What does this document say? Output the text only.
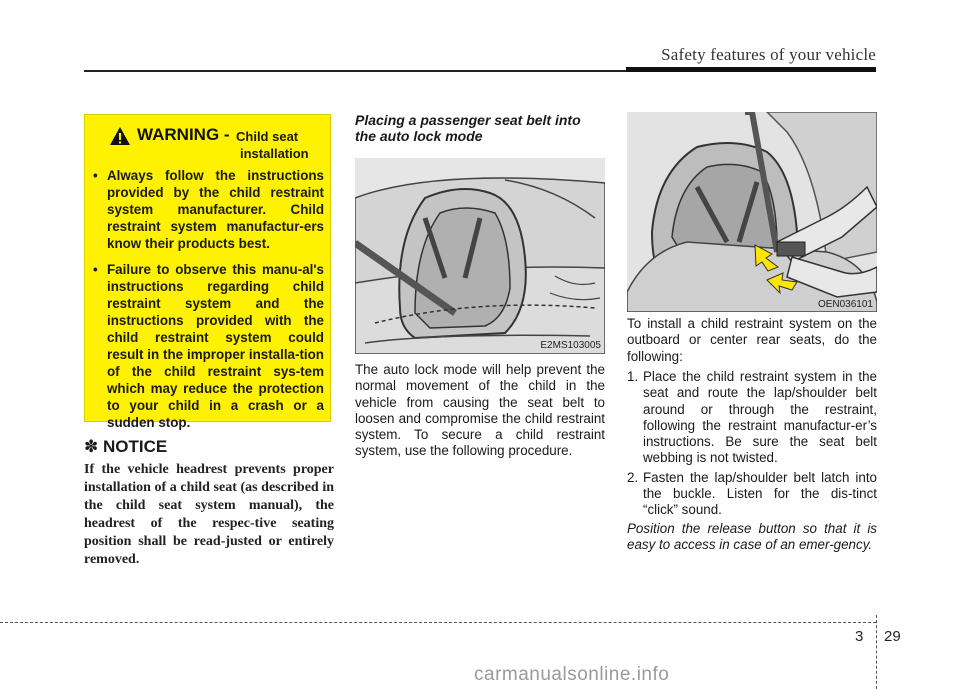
Safety features of your vehicle
WARNING - Child seat
installation
• Always follow the instructions provided by the child restraint system manufacturer. Child restraint system manufactur-ers know their products best.
• Failure to observe this manu-al's instructions regarding child restraint system and the instructions provided with the child restraint system could result in the improper installa-tion of the child restraint sys-tem which may reduce the protection to your child in a crash or a sudden stop.
✽ NOTICE
If the vehicle headrest prevents proper installation of a child seat (as described in the child seat system manual), the headrest of the respec-tive seating position shall be read-justed or entirely removed.
Placing a passenger seat belt into the auto lock mode
E2MS103005
The auto lock mode will help prevent the normal movement of the child in the vehicle from causing the seat belt to loosen and compromise the child restraint system. To secure a child restraint system, use the following procedure.
OEN036101
To install a child restraint system on the outboard or center rear seats, do the following:
1. Place the child restraint system in the seat and route the lap/shoulder belt around or through the restraint, following the restraint manufactur-er’s instructions. Be sure the seat belt webbing is not twisted.
2. Fasten the lap/shoulder belt latch into the buckle. Listen for the dis-tinct “click” sound.
Position the release button so that it is easy to access in case of an emer-gency.
3 29
carmanualsonline.info
